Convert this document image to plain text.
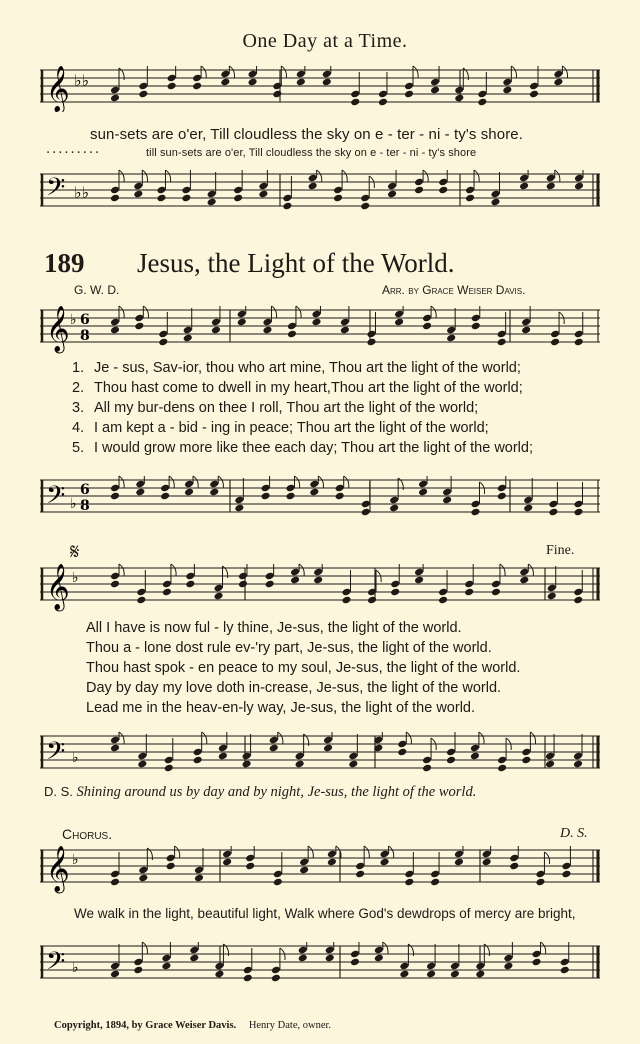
One Day at a Time.
𝄞 ♭♭
sun-sets are o'er, Till cloudless the sky on e - ter - ni - ty's shore.
.........	till sun-sets are o'er, Till cloudless the sky on e - ter - ni - ty's shore
𝄢 ♭♭
189 Jesus, the Light of the World.
G. W. D.	Arr. by Grace Weiser Davis.
𝄞 ♭ 6
8
1. Je - sus, Sav-ior, thou who art mine, Thou art the light of the world;
2. Thou hast come to dwell in my heart,Thou art the light of the world;
3. All my bur-dens on thee I roll, Thou art the light of the world;
4. I am kept a - bid - ing in peace; Thou art the light of the world;
5. I would grow more like thee each day; Thou art the light of the world;
𝄢 ♭
6
8
𝄋	Fine.
𝄞 ♭
All I have is now ful - ly thine, Je-sus, the light of the world.
Thou a - lone dost rule ev-'ry part, Je-sus, the light of the world.
Thou hast spok - en peace to my soul, Je-sus, the light of the world.
Day by day my love doth in-crease, Je-sus, the light of the world.
Lead me in the heav-en-ly way, Je-sus, the light of the world.
𝄢 ♭
D. S. Shining around us by day and by night, Je-sus, the light of the world.
Chorus.	D. S.
𝄞 ♭
We walk in the light, beautiful light, Walk where God's dewdrops of mercy are bright,
𝄢 ♭
Copyright, 1894, by Grace Weiser Davis. Henry Date, owner.
